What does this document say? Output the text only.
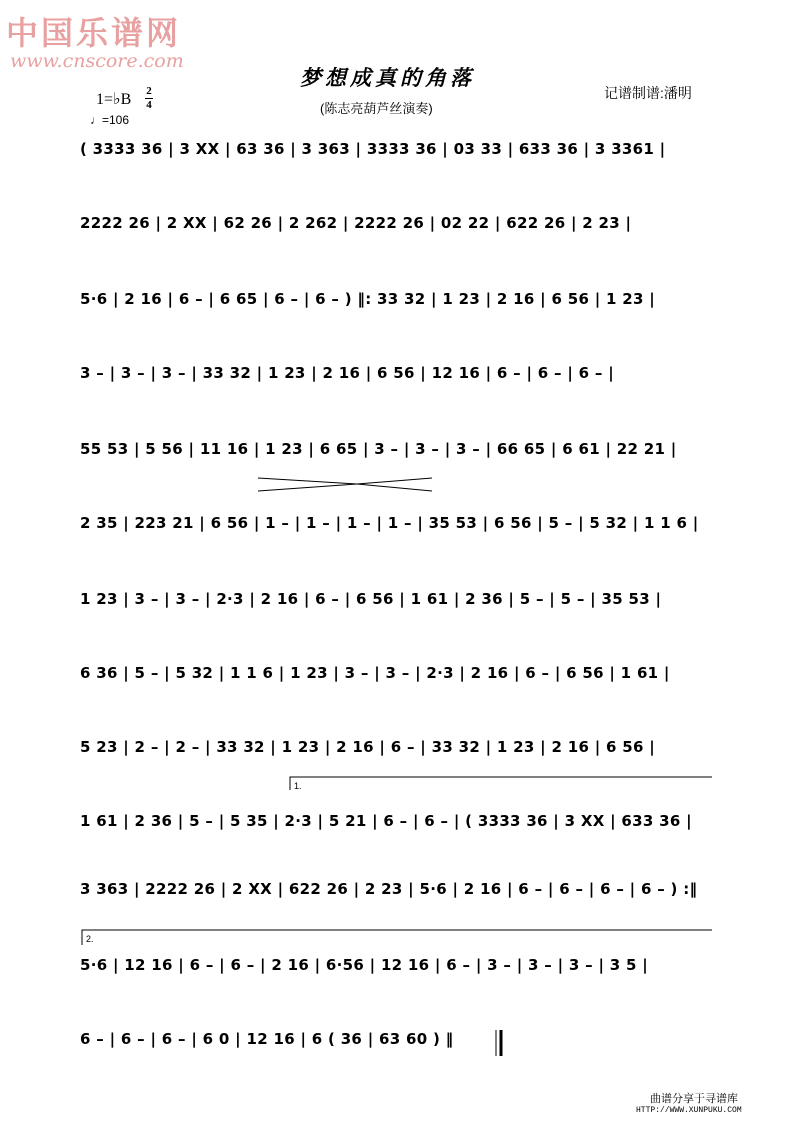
中国乐谱网
www.cnscore.com
梦想成真的角落
(陈志亮葫芦丝演奏)
记谱制谱:潘明
1=♭B 2
4
♩=106
( 3333 36 | 3 XX | 63 36 | 3 363 | 3333 36 | 03 33 | 633 36 | 3 3361 |
2222 26 | 2 XX | 62 26 | 2 262 | 2222 26 | 02 22 | 622 26 | 2 23 |
5·6 | 2 16 | 6 – | 6 65 | 6 – | 6 – ) ‖: 33 32 | 1 23 | 2 16 | 6 56 | 1 23 |
3 – | 3 – | 3 – | 33 32 | 1 23 | 2 16 | 6 56 | 12 16 | 6 – | 6 – | 6 – |
55 53 | 5 56 | 11 16 | 1 23 | 6 65 | 3 – | 3 – | 3 – | 66 65 | 6 61 | 22 21 |
2 35 | 223 21 | 6 56 | 1 – | 1 – | 1 – | 1 – | 35 53 | 6 56 | 5 – | 5 32 | 1 1 6 |
1 23 | 3 – | 3 – | 2·3 | 2 16 | 6 – | 6 56 | 1 61 | 2 36 | 5 – | 5 – | 35 53 |
6 36 | 5 – | 5 32 | 1 1 6 | 1 23 | 3 – | 3 – | 2·3 | 2 16 | 6 – | 6 56 | 1 61 |
5 23 | 2 – | 2 – | 33 32 | 1 23 | 2 16 | 6 – | 33 32 | 1 23 | 2 16 | 6 56 |
1 61 | 2 36 | 5 – | 5 35 | 2·3 | 5 21 | 6 – | 6 – | ( 3333 36 | 3 XX | 633 36 |
3 363 | 2222 26 | 2 XX | 622 26 | 2 23 | 5·6 | 2 16 | 6 – | 6 – | 6 – | 6 – ) :‖
5·6 | 12 16 | 6 – | 6 – | 2 16 | 6·56 | 12 16 | 6 – | 3 – | 3 – | 3 – | 3 5 |
6 – | 6 – | 6 – | 6 0 | 12 16 | 6 ( 36 | 63 60 ) ‖
1.
2.
曲谱分享于寻谱库
HTTP://WWW.XUNPUKU.COM
